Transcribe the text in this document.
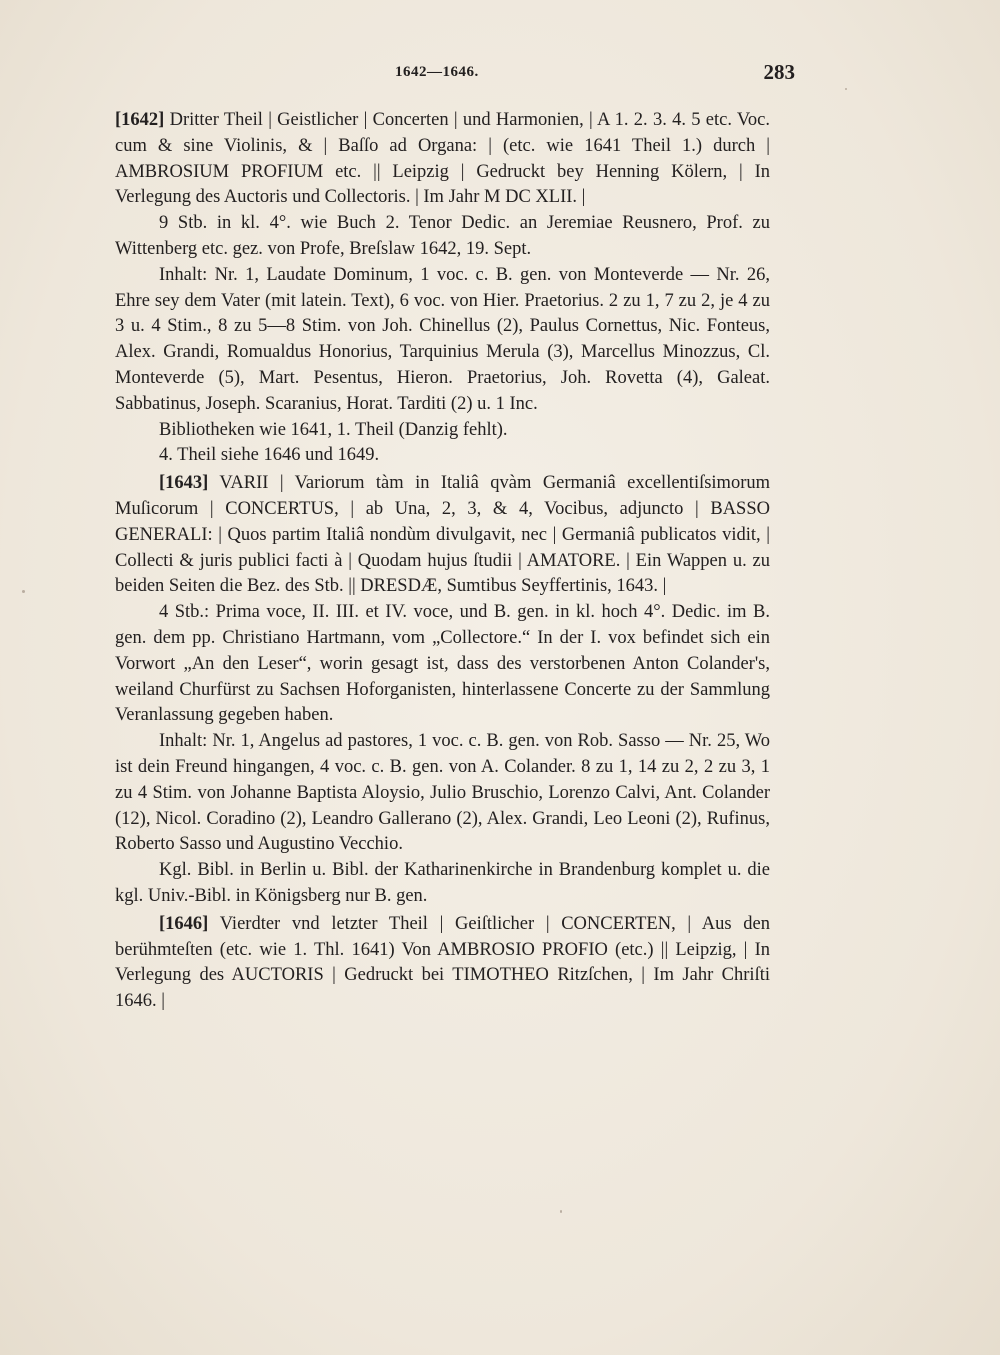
1642—1646.	283

[1642] Dritter Theil | Geistlicher | Concerten | und Harmonien, | A 1. 2. 3. 4. 5 etc. Voc. cum & sine Violinis, & | Baſſo ad Organa: | (etc. wie 1641 Theil 1.) durch | AMBROSIUM PROFIUM etc. || Leipzig | Gedruckt bey Henning Kölern, | In Verlegung des Auctoris und Collectoris. | Im Jahr M DC XLII. |

9 Stb. in kl. 4°. wie Buch 2. Tenor Dedic. an Jeremiae Reusnero, Prof. zu Wittenberg etc. gez. von Profe, Breſslaw 1642, 19. Sept.

Inhalt: Nr. 1, Laudate Dominum, 1 voc. c. B. gen. von Monteverde — Nr. 26, Ehre sey dem Vater (mit latein. Text), 6 voc. von Hier. Praetorius. 2 zu 1, 7 zu 2, je 4 zu 3 u. 4 Stim., 8 zu 5—8 Stim. von Joh. Chinellus (2), Paulus Cornettus, Nic. Fonteus, Alex. Grandi, Romualdus Honorius, Tarquinius Merula (3), Marcellus Minozzus, Cl. Monteverde (5), Mart. Pesentus, Hieron. Praetorius, Joh. Rovetta (4), Galeat. Sabbatinus, Joseph. Scaranius, Horat. Tarditi (2) u. 1 Inc.

Bibliotheken wie 1641, 1. Theil (Danzig fehlt).

4. Theil siehe 1646 und 1649.

[1643] VARII | Variorum tàm in Italiâ qvàm Germaniâ excellentiſsimorum Muſicorum | CONCERTUS, | ab Una, 2, 3, & 4, Vocibus, adjuncto | BASSO GENERALI: | Quos partim Italiâ nondùm divulgavit, nec | Germaniâ publicatos vidit, | Collecti & juris publici facti à | Quodam hujus ſtudii | AMATORE. | Ein Wappen u. zu beiden Seiten die Bez. des Stb. || DRESDÆ, Sumtibus Seyffertinis, 1643. |

4 Stb.: Prima voce, II. III. et IV. voce, und B. gen. in kl. hoch 4°. Dedic. im B. gen. dem pp. Christiano Hartmann, vom „Collectore.“ In der I. vox befindet sich ein Vorwort „An den Leser“, worin gesagt ist, dass des verstorbenen Anton Colander's, weiland Churfürst zu Sachsen Hoforganisten, hinterlassene Concerte zu der Sammlung Veranlassung gegeben haben.

Inhalt: Nr. 1, Angelus ad pastores, 1 voc. c. B. gen. von Rob. Sasso — Nr. 25, Wo ist dein Freund hingangen, 4 voc. c. B. gen. von A. Colander. 8 zu 1, 14 zu 2, 2 zu 3, 1 zu 4 Stim. von Johanne Baptista Aloysio, Julio Bruschio, Lorenzo Calvi, Ant. Colander (12), Nicol. Coradino (2), Leandro Gallerano (2), Alex. Grandi, Leo Leoni (2), Rufinus, Roberto Sasso und Augustino Vecchio.

Kgl. Bibl. in Berlin u. Bibl. der Katharinenkirche in Brandenburg komplet u. die kgl. Univ.-Bibl. in Königsberg nur B. gen.

[1646] Vierdter vnd letzter Theil | Geiſtlicher | CONCERTEN, | Aus den berühmteſten (etc. wie 1. Thl. 1641) Von AMBROSIO PROFIO (etc.) || Leipzig, | In Verlegung des AUCTORIS | Gedruckt bei TIMOTHEO Ritzſchen, | Im Jahr Chriſti 1646. |
